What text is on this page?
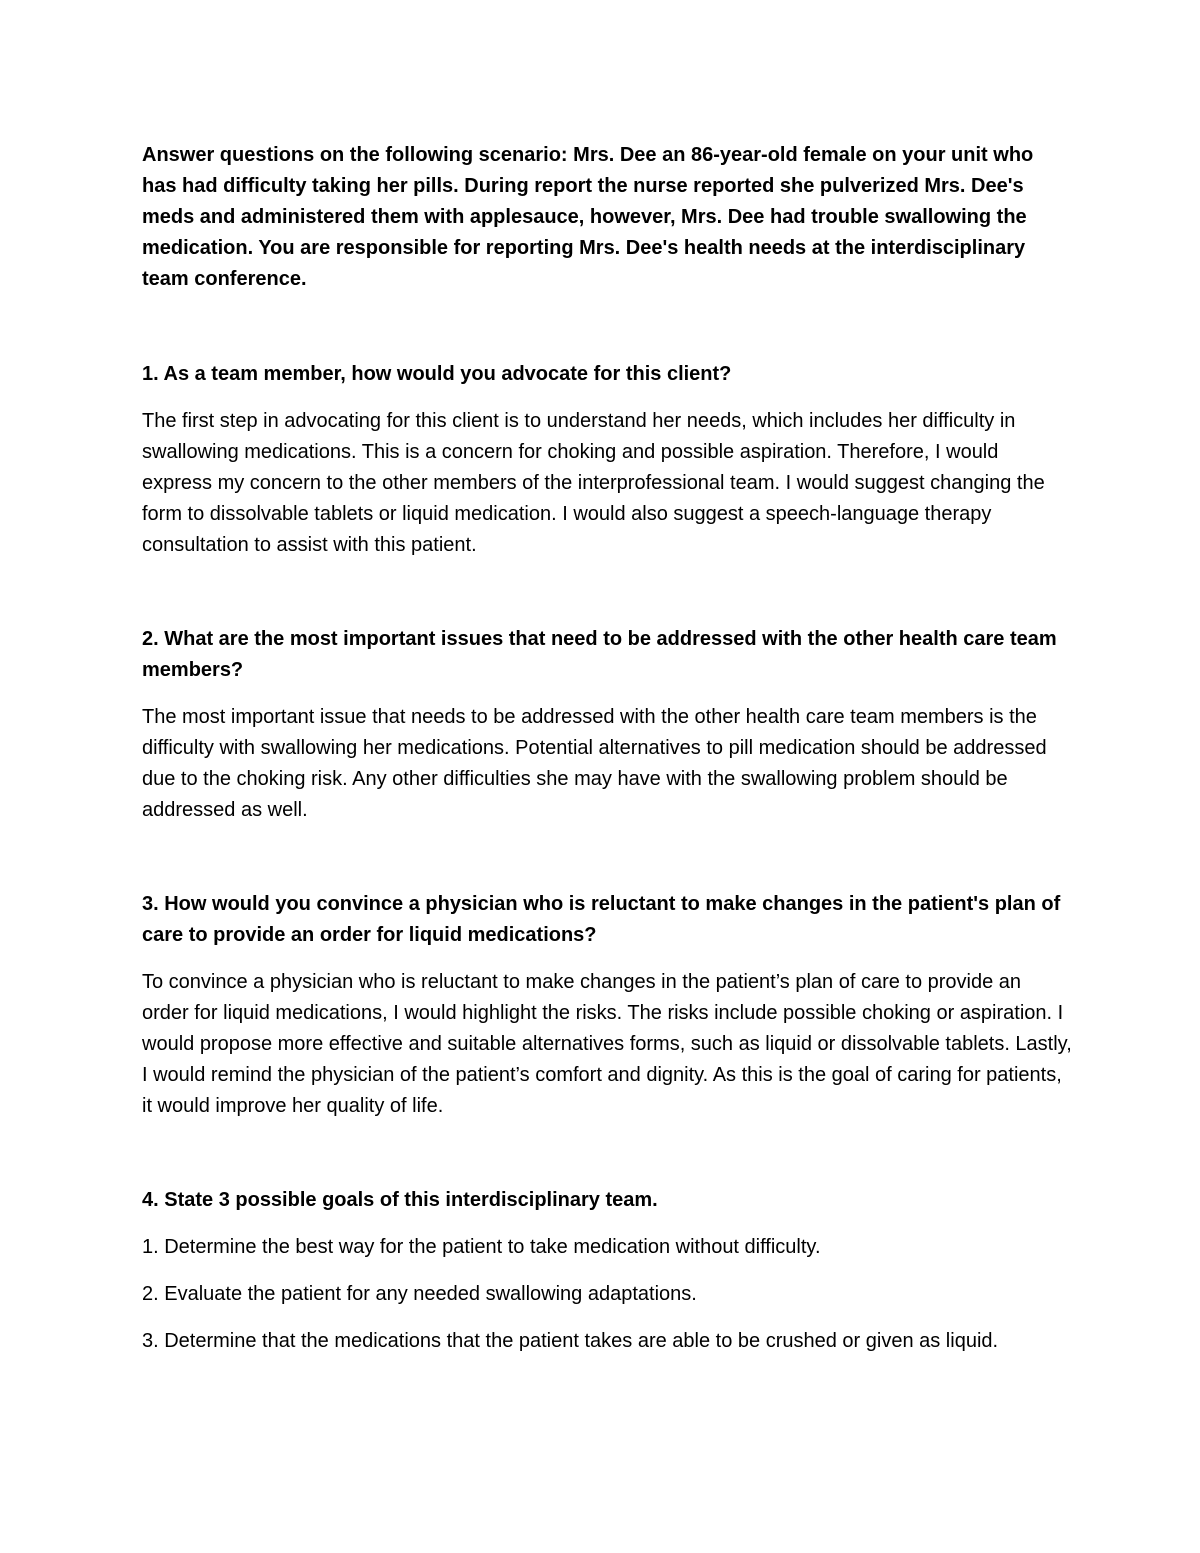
Answer questions on the following scenario: Mrs. Dee an 86-year-old female on your unit who has had difficulty taking her pills. During report the nurse reported she pulverized Mrs. Dee's meds and administered them with applesauce, however, Mrs. Dee had trouble swallowing the medication. You are responsible for reporting Mrs. Dee's health needs at the interdisciplinary team conference.

1. As a team member, how would you advocate for this client?

The first step in advocating for this client is to understand her needs, which includes her difficulty in swallowing medications. This is a concern for choking and possible aspiration. Therefore, I would express my concern to the other members of the interprofessional team. I would suggest changing the form to dissolvable tablets or liquid medication. I would also suggest a speech-language therapy consultation to assist with this patient.

2. What are the most important issues that need to be addressed with the other health care team members?

The most important issue that needs to be addressed with the other health care team members is the difficulty with swallowing her medications. Potential alternatives to pill medication should be addressed due to the choking risk. Any other difficulties she may have with the swallowing problem should be addressed as well.

3. How would you convince a physician who is reluctant to make changes in the patient's plan of care to provide an order for liquid medications?

To convince a physician who is reluctant to make changes in the patient’s plan of care to provide an order for liquid medications, I would highlight the risks. The risks include possible choking or aspiration. I would propose more effective and suitable alternatives forms, such as liquid or dissolvable tablets. Lastly, I would remind the physician of the patient’s comfort and dignity. As this is the goal of caring for patients, it would improve her quality of life.

4. State 3 possible goals of this interdisciplinary team.

1. Determine the best way for the patient to take medication without difficulty.

2. Evaluate the patient for any needed swallowing adaptations.

3. Determine that the medications that the patient takes are able to be crushed or given as liquid.
